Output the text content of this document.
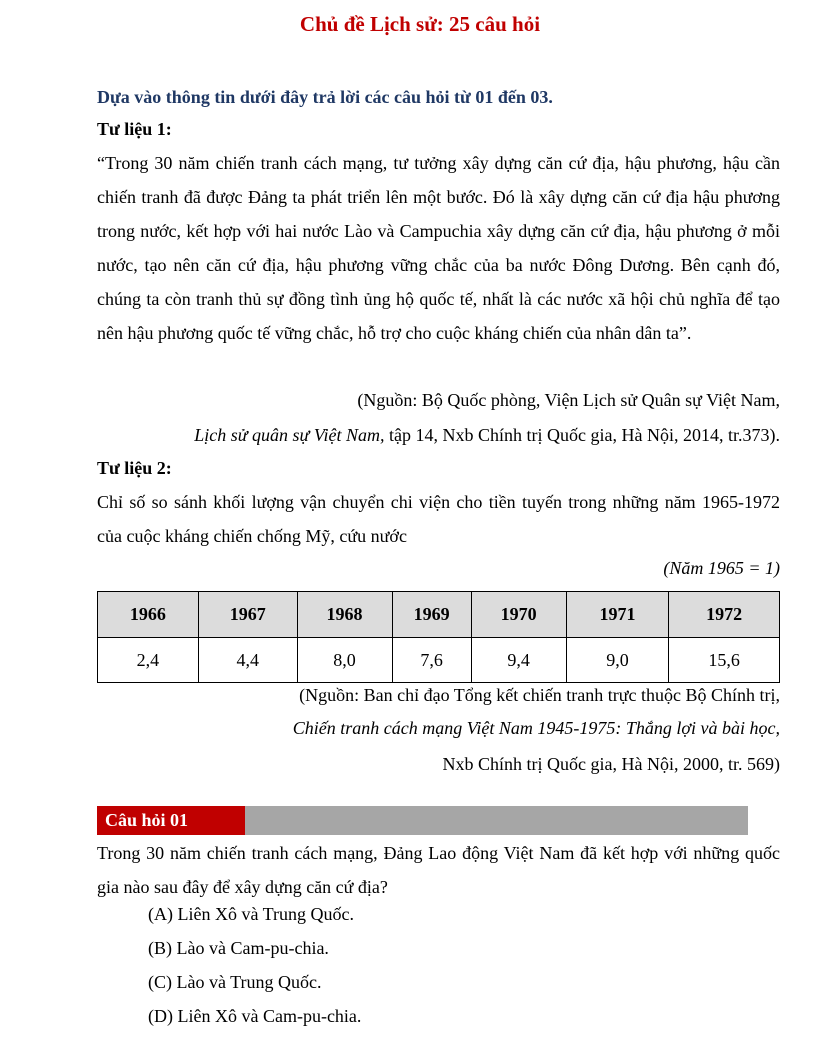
Chủ đề Lịch sử: 25 câu hỏi
Dựa vào thông tin dưới đây trả lời các câu hỏi từ 01 đến 03.
Tư liệu 1:

“Trong 30 năm chiến tranh cách mạng, tư tưởng xây dựng căn cứ địa, hậu phương, hậu cần chiến tranh đã được Đảng ta phát triển lên một bước. Đó là xây dựng căn cứ địa hậu phương trong nước, kết hợp với hai nước Lào và Campuchia xây dựng căn cứ địa, hậu phương ở mỗi nước, tạo nên căn cứ địa, hậu phương vững chắc của ba nước Đông Dương. Bên cạnh đó, chúng ta còn tranh thủ sự đồng tình ủng hộ quốc tế, nhất là các nước xã hội chủ nghĩa để tạo nên hậu phương quốc tế vững chắc, hỗ trợ cho cuộc kháng chiến của nhân dân ta”.

(Nguồn: Bộ Quốc phòng, Viện Lịch sử Quân sự Việt Nam,
Lịch sử quân sự Việt Nam, tập 14, Nxb Chính trị Quốc gia, Hà Nội, 2014, tr.373).
Tư liệu 2:

Chỉ số so sánh khối lượng vận chuyển chi viện cho tiền tuyến trong những năm 1965-1972 của cuộc kháng chiến chống Mỹ, cứu nước

(Năm 1965 = 1)
1966	1967	1968	1969	1970	1971	1972
2,4	4,4	8,0	7,6	9,4	9,0	15,6
(Nguồn: Ban chỉ đạo Tổng kết chiến tranh trực thuộc Bộ Chính trị,
Chiến tranh cách mạng Việt Nam 1945-1975: Thắng lợi và bài học,
Nxb Chính trị Quốc gia, Hà Nội, 2000, tr. 569)
Câu hỏi 01

Trong 30 năm chiến tranh cách mạng, Đảng Lao động Việt Nam đã kết hợp với những quốc gia nào sau đây để xây dựng căn cứ địa?

(A) Liên Xô và Trung Quốc.
(B) Lào và Cam-pu-chia.
(C) Lào và Trung Quốc.
(D) Liên Xô và Cam-pu-chia.
